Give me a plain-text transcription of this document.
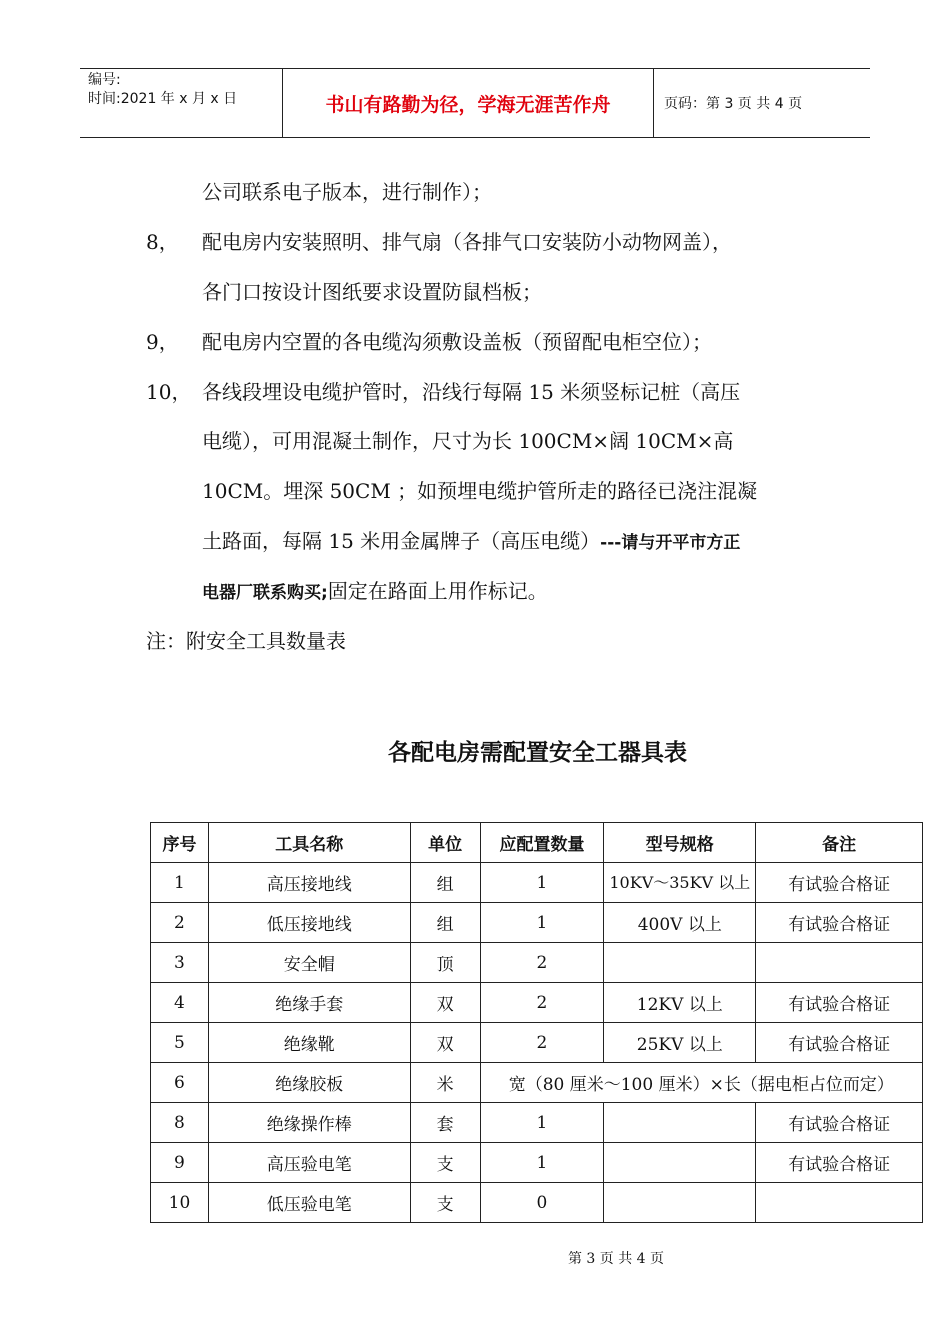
编号:
时间:2021 年 x 月 x 日	书山有路勤为径，学海无涯苦作舟	页码：第 3 页 共 4 页
公司联系电子版本，进行制作）；
8， 配电房内安装照明、排气扇（各排气口安装防小动物网盖），
各门口按设计图纸要求设置防鼠档板；
9， 配电房内空置的各电缆沟须敷设盖板（预留配电柜空位）；
10， 各线段埋设电缆护管时，沿线行每隔 15 米须竖标记桩（高压
电缆），可用混凝土制作，尺寸为长 100CM×阔 10CM×高
10CM。埋深 50CM ；如预埋电缆护管所走的路径已浇注混凝
土路面，每隔 15 米用金属牌子（高压电缆）---请与开平市方正
电器厂联系购买;固定在路面上用作标记。
注：附安全工具数量表
各配电房需配置安全工器具表
序号	工具名称	单位	应配置数量	型号规格	备注
1	高压接地线	组	1	10KV～35KV 以上	有试验合格证
2	低压接地线	组	1	400V 以上	有试验合格证
3	安全帽	顶	2		
4	绝缘手套	双	2	12KV 以上	有试验合格证
5	绝缘靴	双	2	25KV 以上	有试验合格证
6	绝缘胶板	米	宽（80 厘米～100 厘米）×长（据电柜占位而定）		
8	绝缘操作棒	套	1		有试验合格证
9	高压验电笔	支	1		有试验合格证
10	低压验电笔	支	0		
第 3 页 共 4 页
